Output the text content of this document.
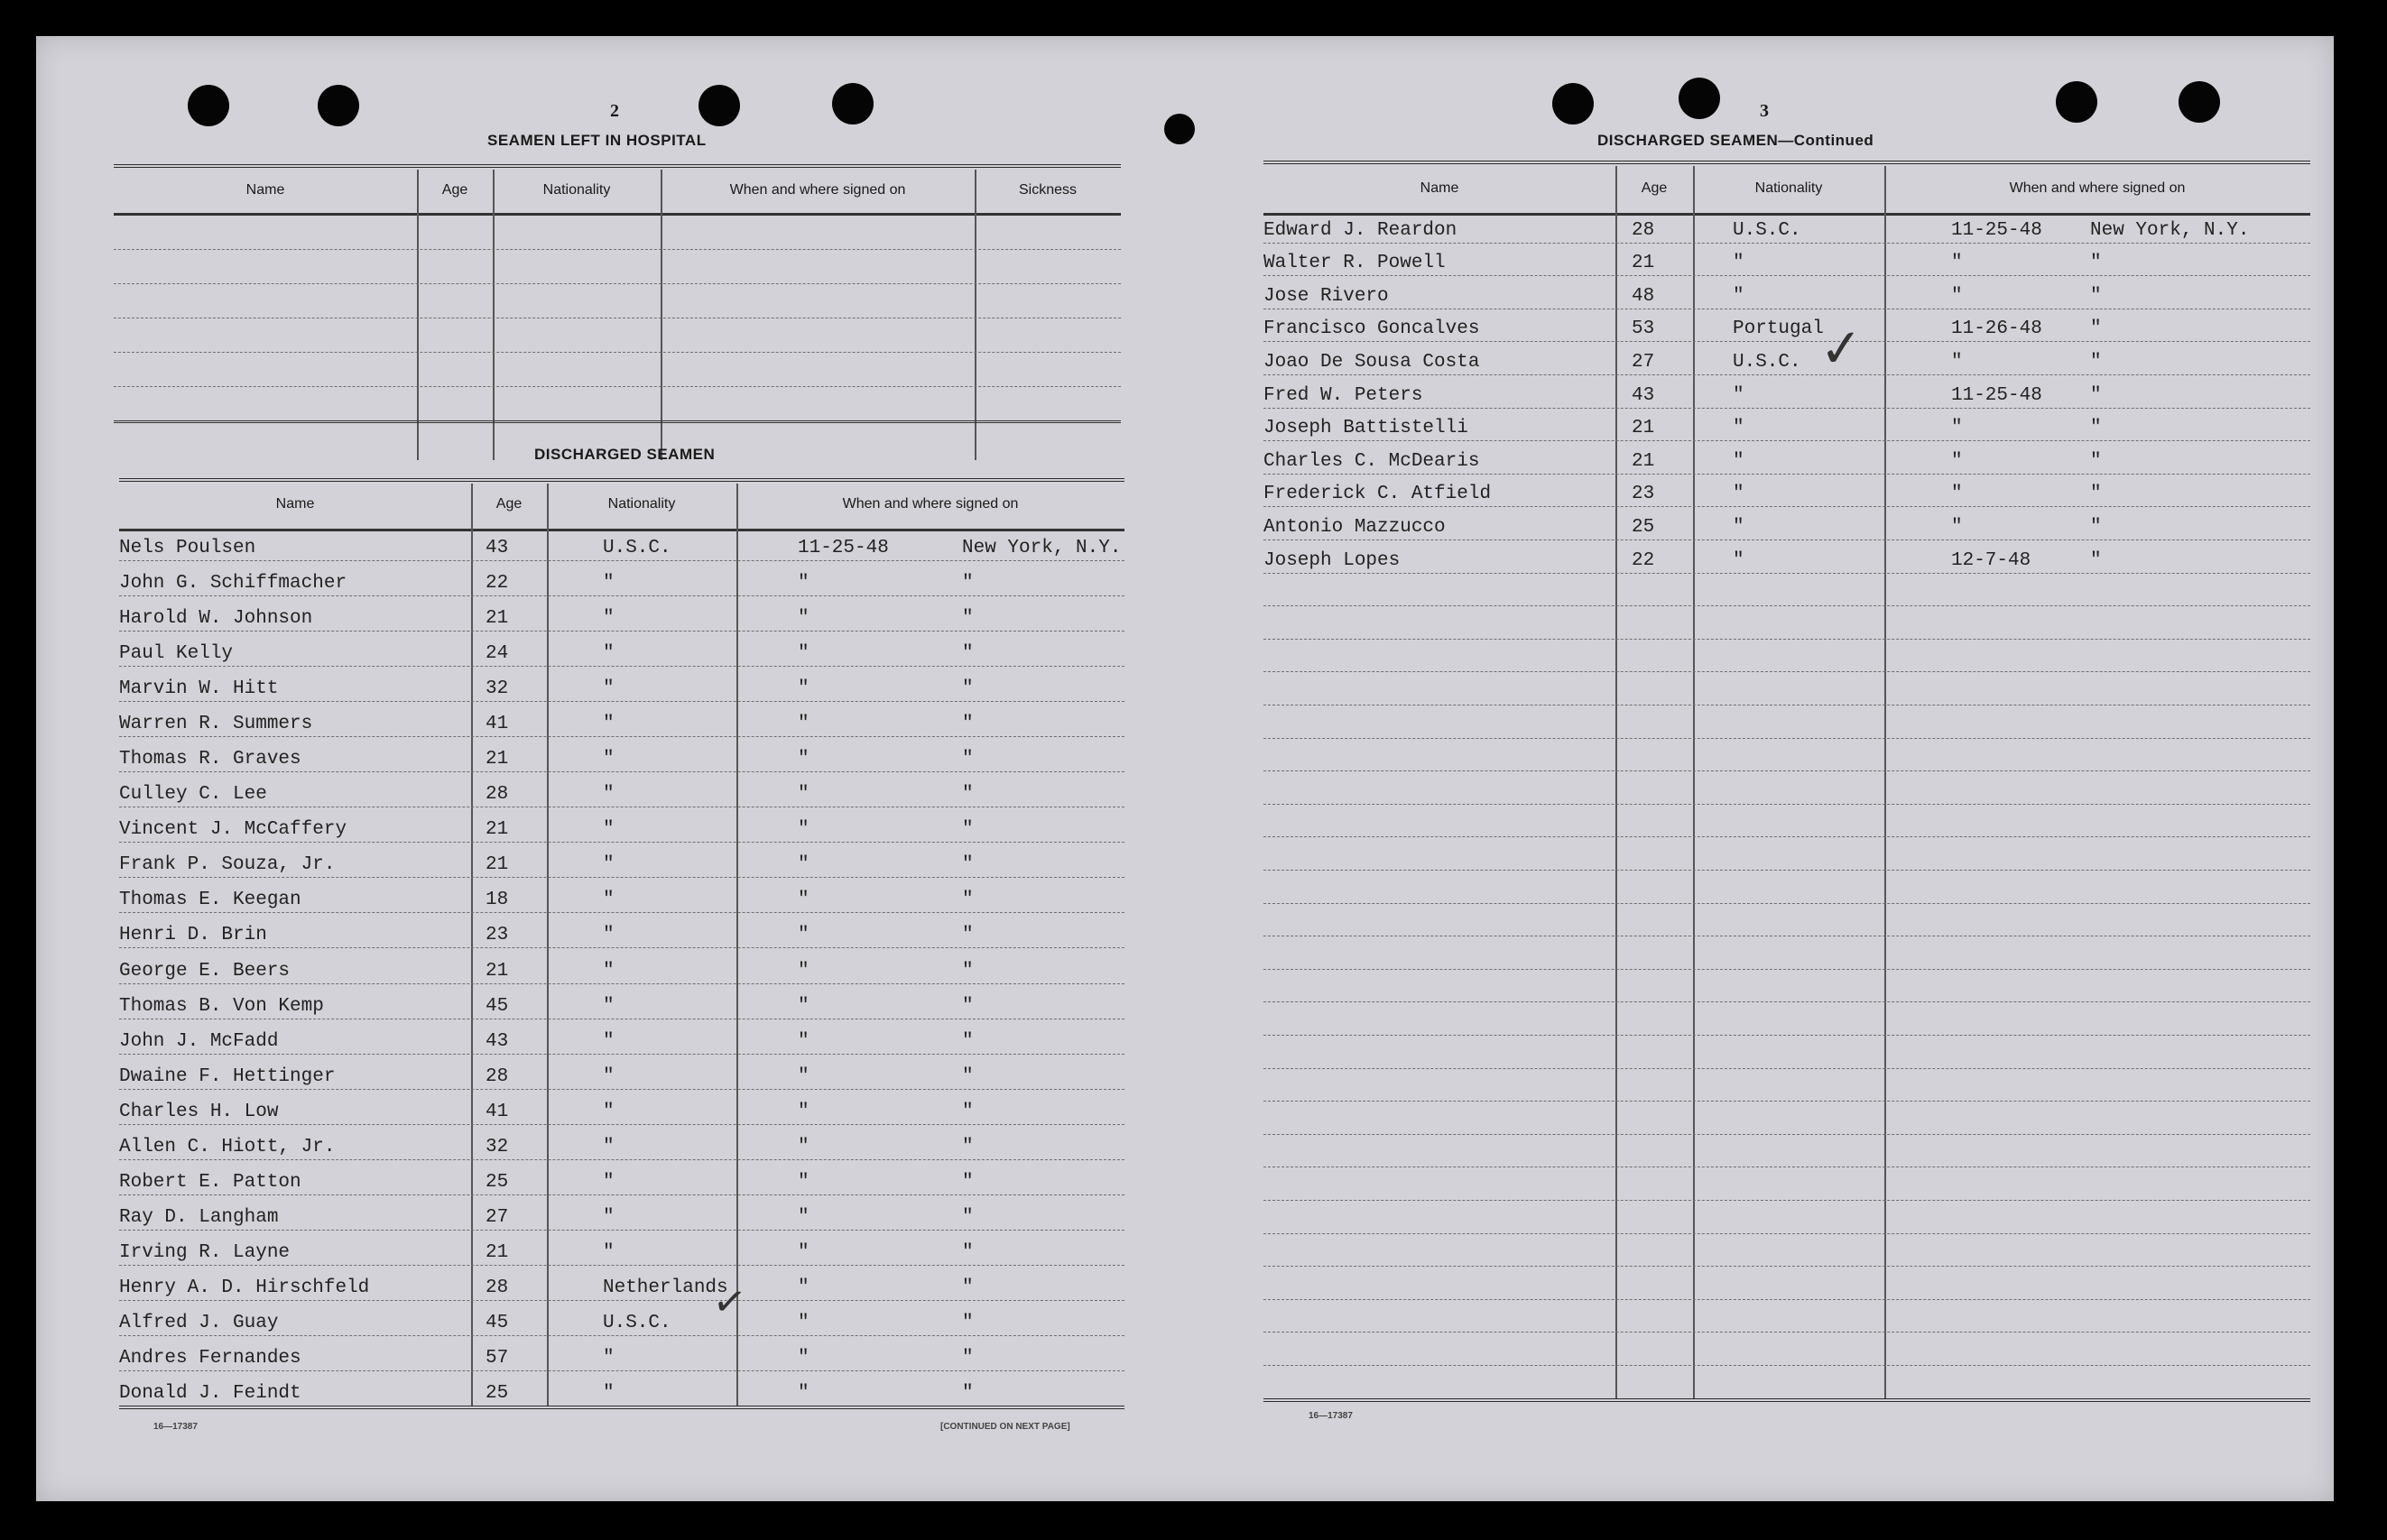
2
SEAMEN LEFT IN HOSPITAL
Name	Age	Nationality	When and where signed on	Sickness
DISCHARGED SEAMEN
Name	Age	Nationality	When and where signed on
Nels Poulsen	43	U.S.C.	11-25-48	New York, N.Y.
John G. Schiffmacher	22	"	"	"
Harold W. Johnson	21	"	"	"
Paul Kelly	24	"	"	"
Marvin W. Hitt	32	"	"	"
Warren R. Summers	41	"	"	"
Thomas R. Graves	21	"	"	"
Culley C. Lee	28	"	"	"
Vincent J. McCaffery	21	"	"	"
Frank P. Souza, Jr.	21	"	"	"
Thomas E. Keegan	18	"	"	"
Henri D. Brin	23	"	"	"
George E. Beers	21	"	"	"
Thomas B. Von Kemp	45	"	"	"
John J. McFadd	43	"	"	"
Dwaine F. Hettinger	28	"	"	"
Charles H. Low	41	"	"	"
Allen C. Hiott, Jr.	32	"	"	"
Robert E. Patton	25	"	"	"
Ray D. Langham	27	"	"	"
Irving R. Layne	21	"	"	"
Henry A. D. Hirschfeld	28	Netherlands	"	"
Alfred J. Guay	45	U.S.C.	"	"
Andres Fernandes	57	"	"	"
Donald J. Feindt	25	"	"	"
✓
16—17387	[CONTINUED ON NEXT PAGE]
3
DISCHARGED SEAMEN—Continued
Name	Age	Nationality	When and where signed on
Edward J. Reardon	28	U.S.C.	11-25-48	New York, N.Y.
Walter R. Powell	21	"	"	"
Jose Rivero	48	"	"	"
Francisco Goncalves	53	Portugal	11-26-48	"
Joao De Sousa Costa	27	U.S.C.	"	"
Fred W. Peters	43	"	11-25-48	"
Joseph Battistelli	21	"	"	"
Charles C. McDearis	21	"	"	"
Frederick C. Atfield	23	"	"	"
Antonio Mazzucco	25	"	"	"
Joseph Lopes	22	"	12-7-48	"
✓
16—17387
